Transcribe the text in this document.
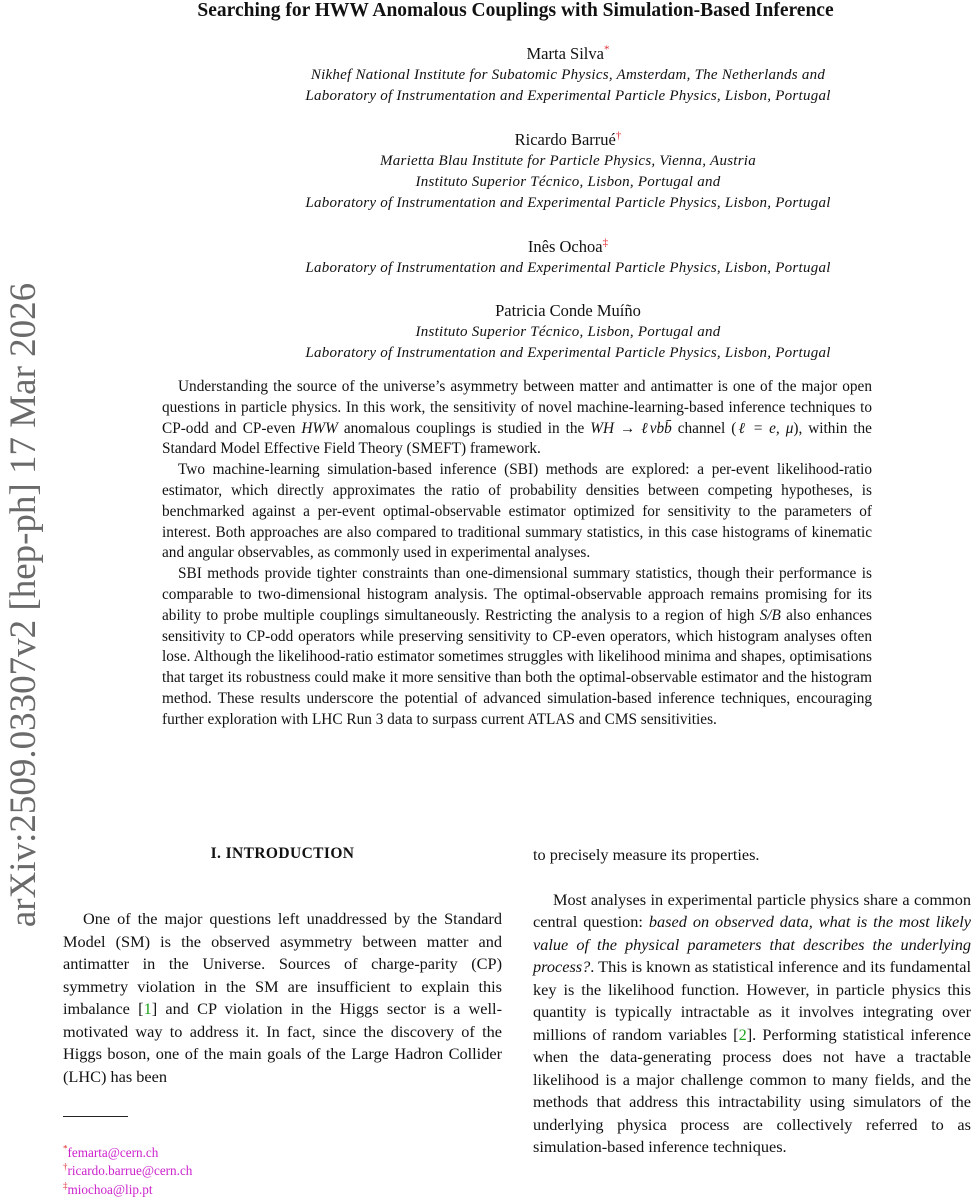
arXiv:2509.03307v2 [hep-ph] 17 Mar 2026
Searching for HWW Anomalous Couplings with Simulation-Based Inference
Marta Silva*
Nikhef National Institute for Subatomic Physics, Amsterdam, The Netherlands and
Laboratory of Instrumentation and Experimental Particle Physics, Lisbon, Portugal
Ricardo Barrué†
Marietta Blau Institute for Particle Physics, Vienna, Austria
Instituto Superior Técnico, Lisbon, Portugal and
Laboratory of Instrumentation and Experimental Particle Physics, Lisbon, Portugal
Inês Ochoa‡
Laboratory of Instrumentation and Experimental Particle Physics, Lisbon, Portugal
Patricia Conde Muíño
Instituto Superior Técnico, Lisbon, Portugal and
Laboratory of Instrumentation and Experimental Particle Physics, Lisbon, Portugal

Understanding the source of the universe’s asymmetry between matter and antimatter is one of the major open questions in particle physics. In this work, the sensitivity of novel machine-learning-based inference techniques to CP-odd and CP-even HWW anomalous couplings is studied in the WH → ℓνbb̄ channel (ℓ = e, μ), within the Standard Model Effective Field Theory (SMEFT) framework.

Two machine-learning simulation-based inference (SBI) methods are explored: a per-event likelihood-ratio estimator, which directly approximates the ratio of probability densities between competing hypotheses, is benchmarked against a per-event optimal-observable estimator optimized for sensitivity to the parameters of interest. Both approaches are also compared to traditional summary statistics, in this case histograms of kinematic and angular observables, as commonly used in experimental analyses.

SBI methods provide tighter constraints than one-dimensional summary statistics, though their performance is comparable to two-dimensional histogram analysis. The optimal-observable approach remains promising for its ability to probe multiple couplings simultaneously. Restricting the analysis to a region of high S/B also enhances sensitivity to CP-odd operators while preserving sensitivity to CP-even operators, which histogram analyses often lose. Although the likelihood-ratio estimator sometimes struggles with likelihood minima and shapes, optimisations that target its robustness could make it more sensitive than both the optimal-observable estimator and the histogram method. These results underscore the potential of advanced simulation-based inference techniques, encouraging further exploration with LHC Run 3 data to surpass current ATLAS and CMS sensitivities.

I. INTRODUCTION

One of the major questions left unaddressed by the Standard Model (SM) is the observed asymmetry between matter and antimatter in the Universe. Sources of charge-parity (CP) symmetry violation in the SM are insufficient to explain this imbalance [1] and CP violation in the Higgs sector is a well-motivated way to address it. In fact, since the discovery of the Higgs boson, one of the main goals of the Large Hadron Collider (LHC) has been

to precisely measure its properties.

Most analyses in experimental particle physics share a common central question: based on observed data, what is the most likely value of the physical parameters that describes the underlying process?. This is known as statistical inference and its fundamental key is the likelihood function. However, in particle physics this quantity is typically intractable as it involves integrating over millions of random variables [2]. Performing statistical inference when the data-generating process does not have a tractable likelihood is a major challenge common to many fields, and the methods that address this intractability using simulators of the underlying physica process are collectively referred to as simulation-based inference techniques.

*femarta@cern.ch
†ricardo.barrue@cern.ch
‡miochoa@lip.pt
